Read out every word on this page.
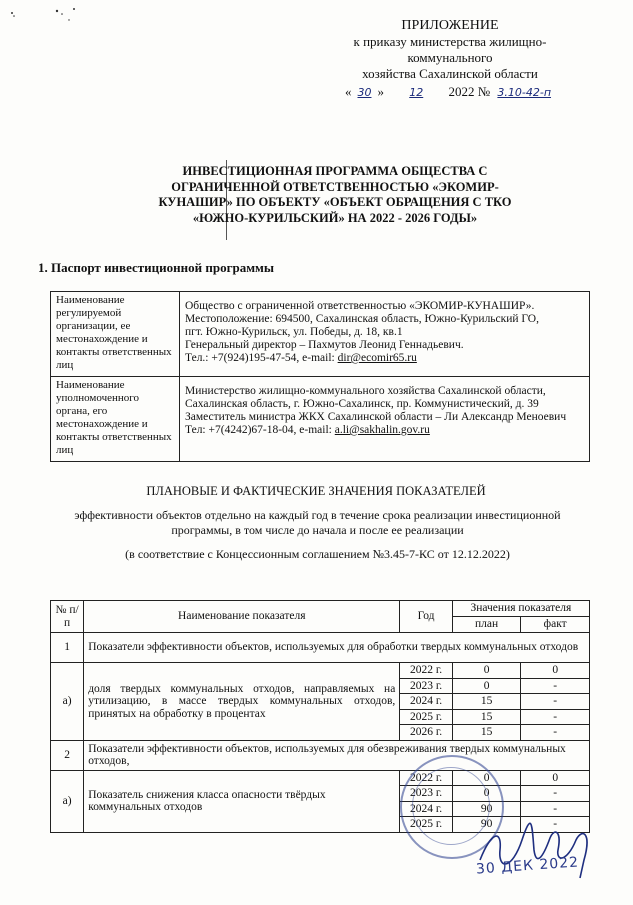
ПРИЛОЖЕНИЕ
к приказу министерства жилищно-
коммунального
хозяйства Сахалинской области
« 30 » 12 2022 № 3.10-42-п
ИНВЕСТИЦИОННАЯ ПРОГРАММА ОБЩЕСТВА С
ОГРАНИЧЕННОЙ ОТВЕТСТВЕННОСТЬЮ «ЭКОМИР-
КУНАШИР» ПО ОБЪЕКТУ «ОБЪЕКТ ОБРАЩЕНИЯ С ТКО
«ЮЖНО-КУРИЛЬСКИЙ» НА 2022 - 2026 ГОДЫ»
1. Паспорт инвестиционной программы
Наименование регулируемой организации, ее местонахождение и контакты ответственных лиц	Общество с ограниченной ответственностью «ЭКОМИР-КУНАШИР».
Местоположение: 694500, Сахалинская область, Южно-Курильский ГО,
пгт. Южно-Курильск, ул. Победы, д. 18, кв.1
Генеральный директор – Пахмутов Леонид Геннадьевич.
Тел.: +7(924)195-47-54, e-mail: dir@ecomir65.ru

Наименование уполномоченного органа, его местонахождение и контакты ответственных лиц	Министерство жилищно-коммунального хозяйства Сахалинской области,
Сахалинская область, г. Южно-Сахалинск, пр. Коммунистический, д. 39
Заместитель министра ЖКХ Сахалинской области – Ли Александр Меноевич
Тел: +7(4242)67-18-04, e-mail: a.li@sakhalin.gov.ru
ПЛАНОВЫЕ И ФАКТИЧЕСКИЕ ЗНАЧЕНИЯ ПОКАЗАТЕЛЕЙ
эффективности объектов отдельно на каждый год в течение срока реализации инвестиционной программы, в том числе до начала и после ее реализации
(в соответствие с Концессионным соглашением №3.45-7-КС от 12.12.2022)
№ п/п	Наименование показателя	Год	Значения показателя	
			план	факт
1	Показатели эффективности объектов, используемых для обработки твердых коммунальных отходов			
а)	доля твердых коммунальных отходов, направляемых на утилизацию, в массе твердых коммунальных отходов, принятых на обработку в процентах	2022 г.	0	0
		2023 г.	0	-
		2024 г.	15	-
		2025 г.	15	-
		2026 г.	15	-
2	Показатели эффективности объектов, используемых для обезвреживания твердых коммунальных отходов,			
а)	Показатель снижения класса опасности твёрдых коммунальных отходов	2022 г.	0	0
		2023 г.	0	-
		2024 г.	90	-
		2025 г.	90	-
30 ДЕК 2022
